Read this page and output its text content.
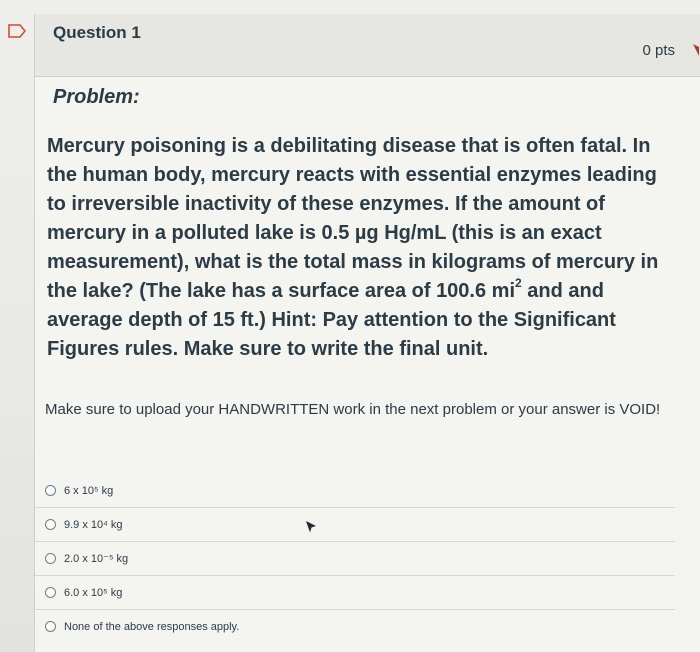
Question 1
0 pts
Problem:
Mercury poisoning is a debilitating disease that is often fatal. In the human body, mercury reacts with essential enzymes leading to irreversible inactivity of these enzymes. If the amount of mercury in a polluted lake is 0.5 µg Hg/mL (this is an exact measurement), what is the total mass in kilograms of mercury in the lake? (The lake has a surface area of 100.6 $mi^2$ and and average depth of 15 ft.) Hint: Pay attention to the Significant Figures rules. Make sure to write the final unit.
Make sure to upload your HANDWRITTEN work in the next problem or your answer is VOID!
6 x 10⁵ kg
9.9 x 10⁴ kg
2.0 x 10⁻⁵ kg
6.0 x 10⁵ kg
None of the above responses apply.
